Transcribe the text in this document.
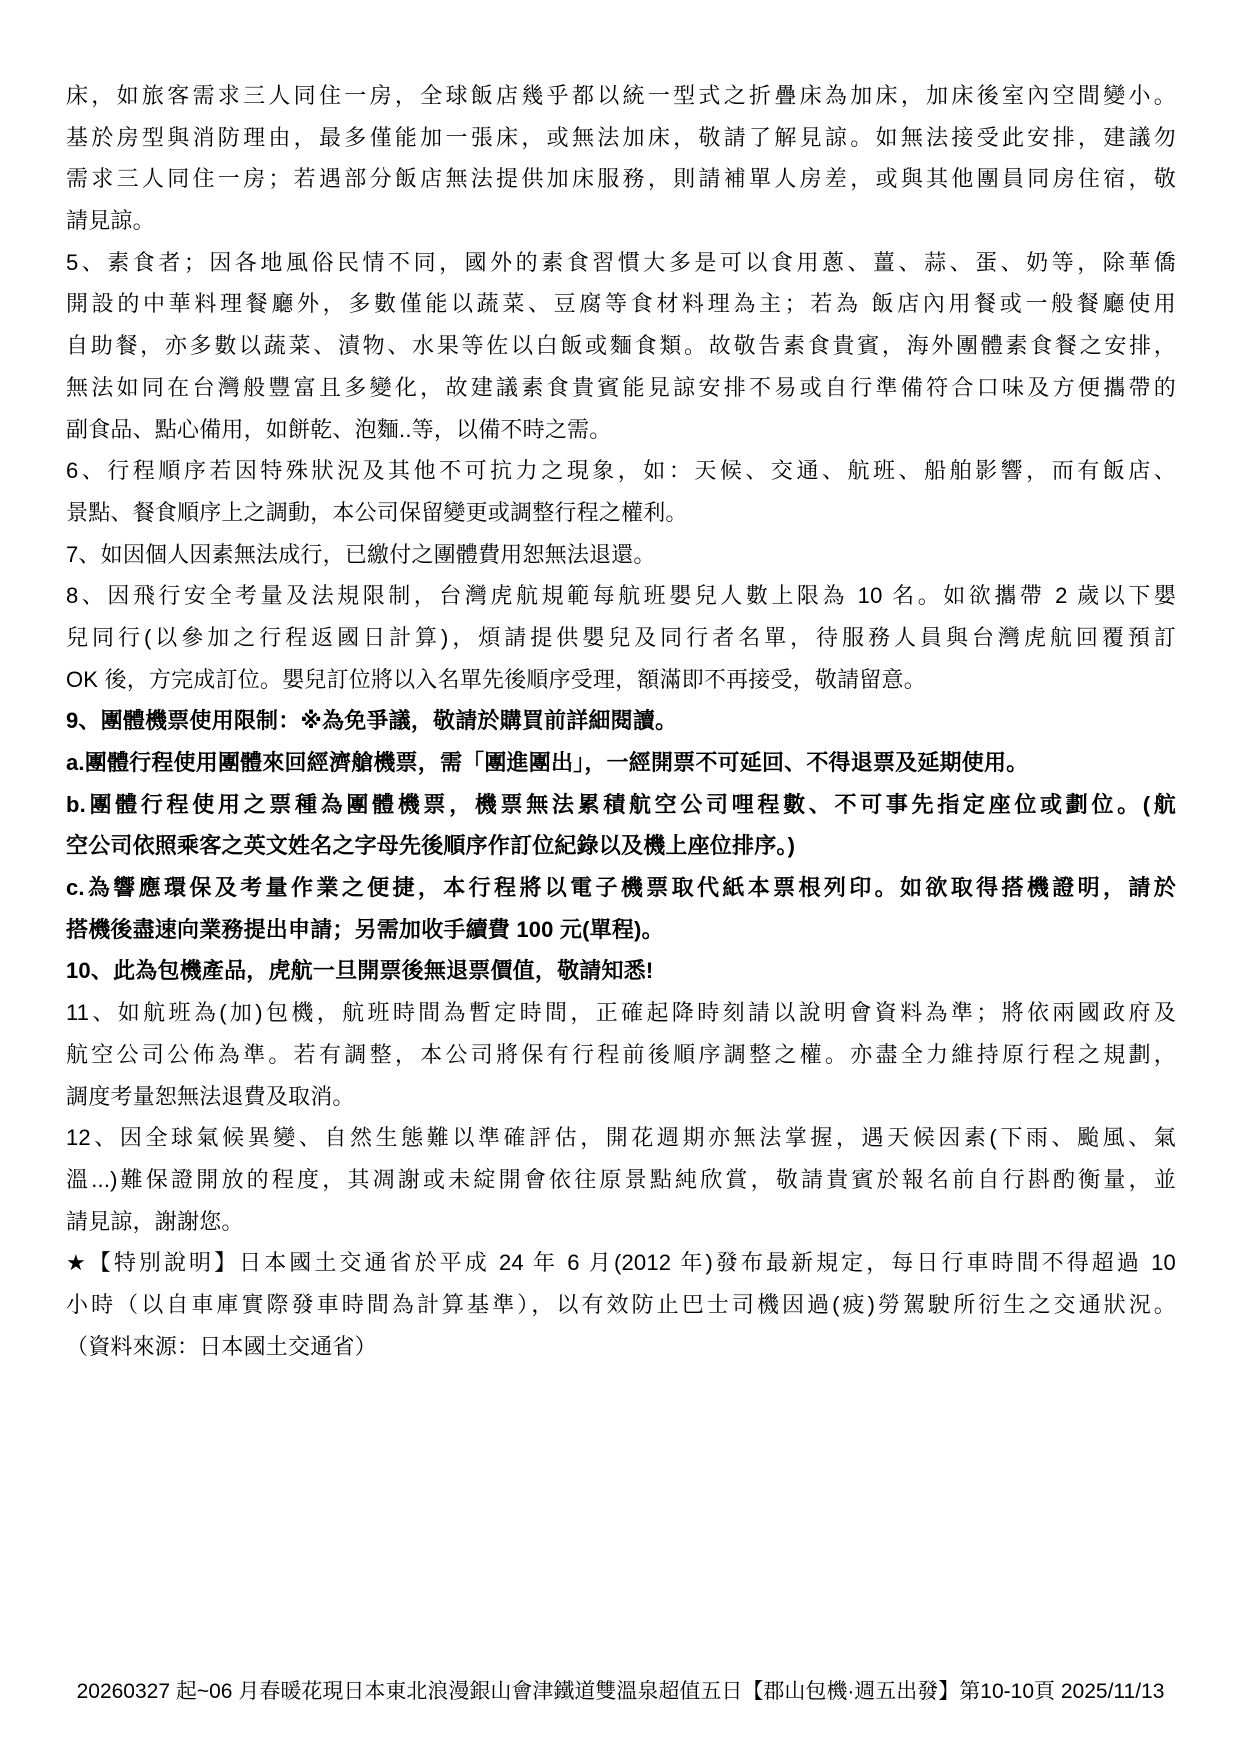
床，如旅客需求三人同住一房，全球飯店幾乎都以統一型式之折疊床為加床，加床後室內空間變小。
基於房型與消防理由，最多僅能加一張床，或無法加床，敬請了解見諒。如無法接受此安排，建議勿
需求三人同住一房；若遇部分飯店無法提供加床服務，則請補單人房差，或與其他團員同房住宿，敬
請見諒。
5、素食者；因各地風俗民情不同，國外的素食習慣大多是可以食用蔥、薑、蒜、蛋、奶等，除華僑
開設的中華料理餐廳外，多數僅能以蔬菜、豆腐等食材料理為主；若為 飯店內用餐或一般餐廳使用
自助餐，亦多數以蔬菜、漬物、水果等佐以白飯或麵食類。故敬告素食貴賓，海外團體素食餐之安排，
無法如同在台灣般豐富且多變化，故建議素食貴賓能見諒安排不易或自行準備符合口味及方便攜帶的
副食品、點心備用，如餅乾、泡麵..等，以備不時之需。
6、行程順序若因特殊狀況及其他不可抗力之現象，如：天候、交通、航班、船舶影響，而有飯店、
景點、餐食順序上之調動，本公司保留變更或調整行程之權利。
7、如因個人因素無法成行，已繳付之團體費用恕無法退還。
8、因飛行安全考量及法規限制，台灣虎航規範每航班嬰兒人數上限為 10 名。如欲攜帶 2 歲以下嬰
兒同行(以參加之行程返國日計算)，煩請提供嬰兒及同行者名單，待服務人員與台灣虎航回覆預訂
OK 後，方完成訂位。嬰兒訂位將以入名單先後順序受理，額滿即不再接受，敬請留意。
9、團體機票使用限制：※為免爭議，敬請於購買前詳細閱讀。
a.團體行程使用團體來回經濟艙機票，需「團進團出」，一經開票不可延回、不得退票及延期使用。
b.團體行程使用之票種為團體機票，機票無法累積航空公司哩程數、不可事先指定座位或劃位。(航
空公司依照乘客之英文姓名之字母先後順序作訂位紀錄以及機上座位排序。)
c.為響應環保及考量作業之便捷，本行程將以電子機票取代紙本票根列印。如欲取得搭機證明，請於
搭機後盡速向業務提出申請；另需加收手續費 100 元(單程)。
10、此為包機產品，虎航一旦開票後無退票價值，敬請知悉!
11、如航班為(加)包機，航班時間為暫定時間，正確起降時刻請以說明會資料為準；將依兩國政府及
航空公司公佈為準。若有調整，本公司將保有行程前後順序調整之權。亦盡全力維持原行程之規劃，
調度考量恕無法退費及取消。
12、因全球氣候異變、自然生態難以準確評估，開花週期亦無法掌握，遇天候因素(下雨、颱風、氣
溫...)難保證開放的程度，其凋謝或未綻開會依往原景點純欣賞，敬請貴賓於報名前自行斟酌衡量，並
請見諒，謝謝您。
★【特別說明】日本國土交通省於平成 24 年 6 月(2012 年)發布最新規定，每日行車時間不得超過 10
小時（以自車庫實際發車時間為計算基準），以有效防止巴士司機因過(疲)勞駕駛所衍生之交通狀況。
（資料來源：日本國土交通省）
20260327 起~06 月春暖花現日本東北浪漫銀山會津鐵道雙溫泉超值五日【郡山包機·週五出發】第10-10頁 2025/11/13
